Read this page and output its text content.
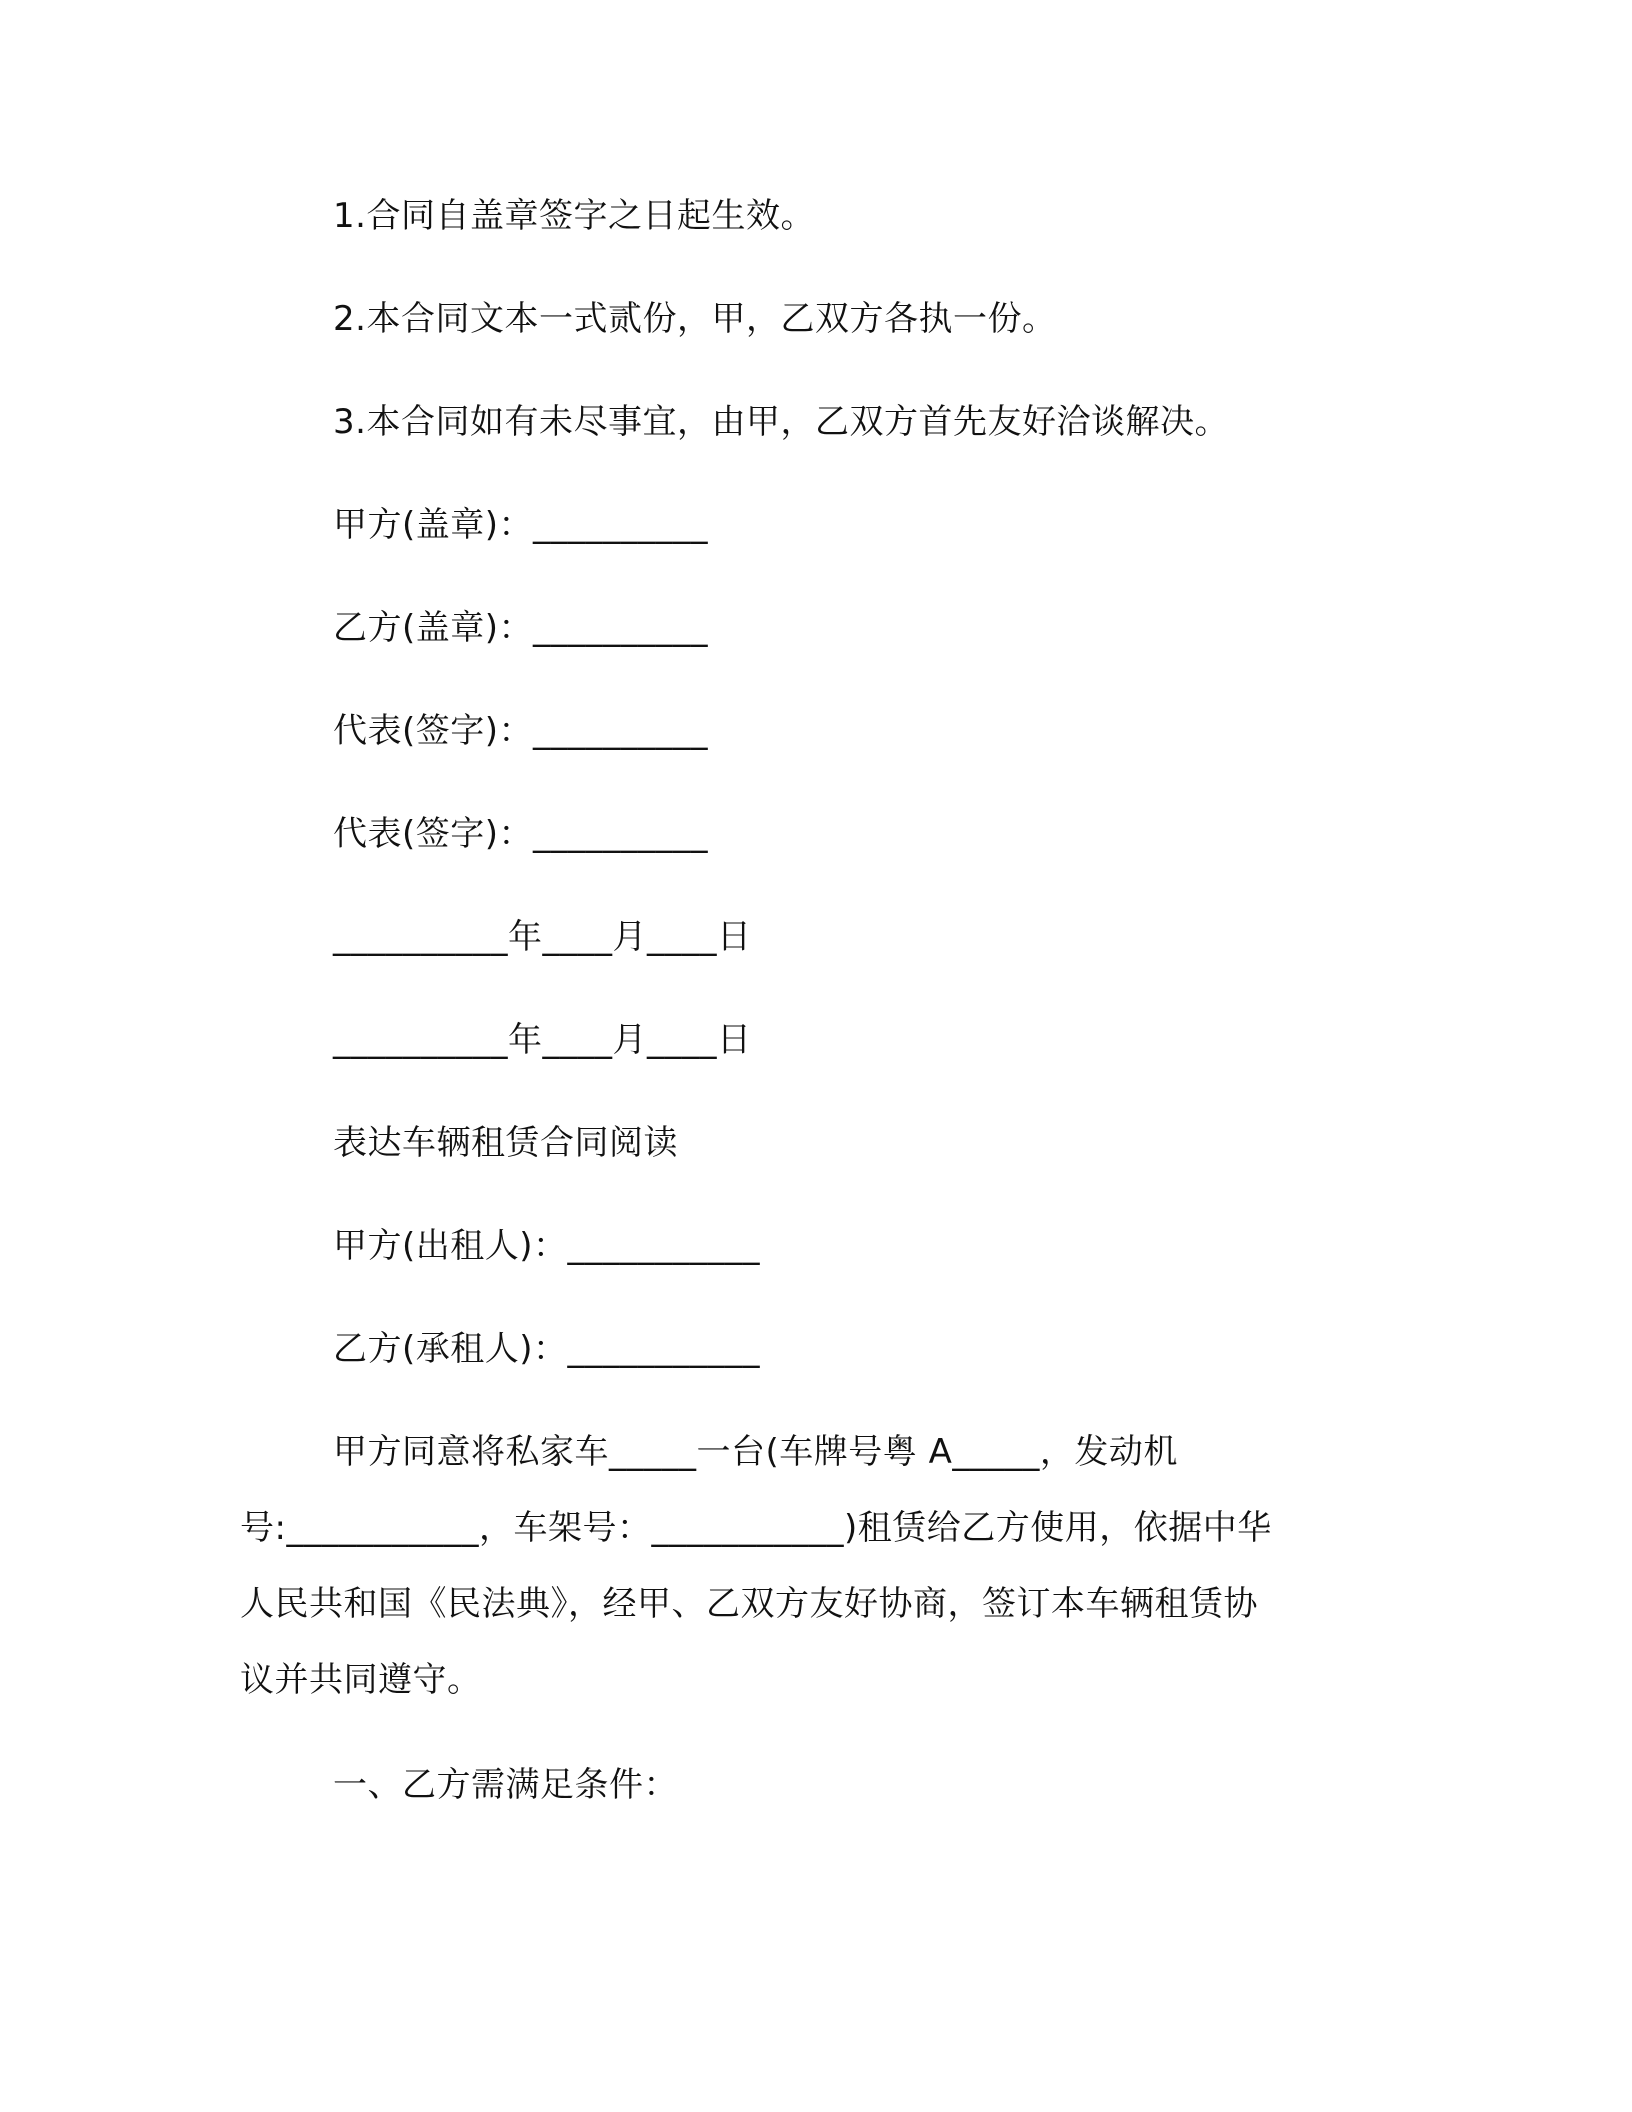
1.合同自盖章签字之日起生效。
2.本合同文本一式贰份，甲，乙双方各执一份。
3.本合同如有未尽事宜，由甲，乙双方首先友好洽谈解决。
甲方(盖章)：__________
乙方(盖章)：__________
代表(签字)：__________
代表(签字)：__________
__________年____月____日
__________年____月____日
表达车辆租赁合同阅读
甲方(出租人)：___________
乙方(承租人)：___________
甲方同意将私家车_____一台(车牌号粤 A_____，发动机
号:___________，车架号：___________)租赁给乙方使用，依据中华
人民共和国《民法典》，经甲、乙双方友好协商，签订本车辆租赁协
议并共同遵守。
一、乙方需满足条件：
